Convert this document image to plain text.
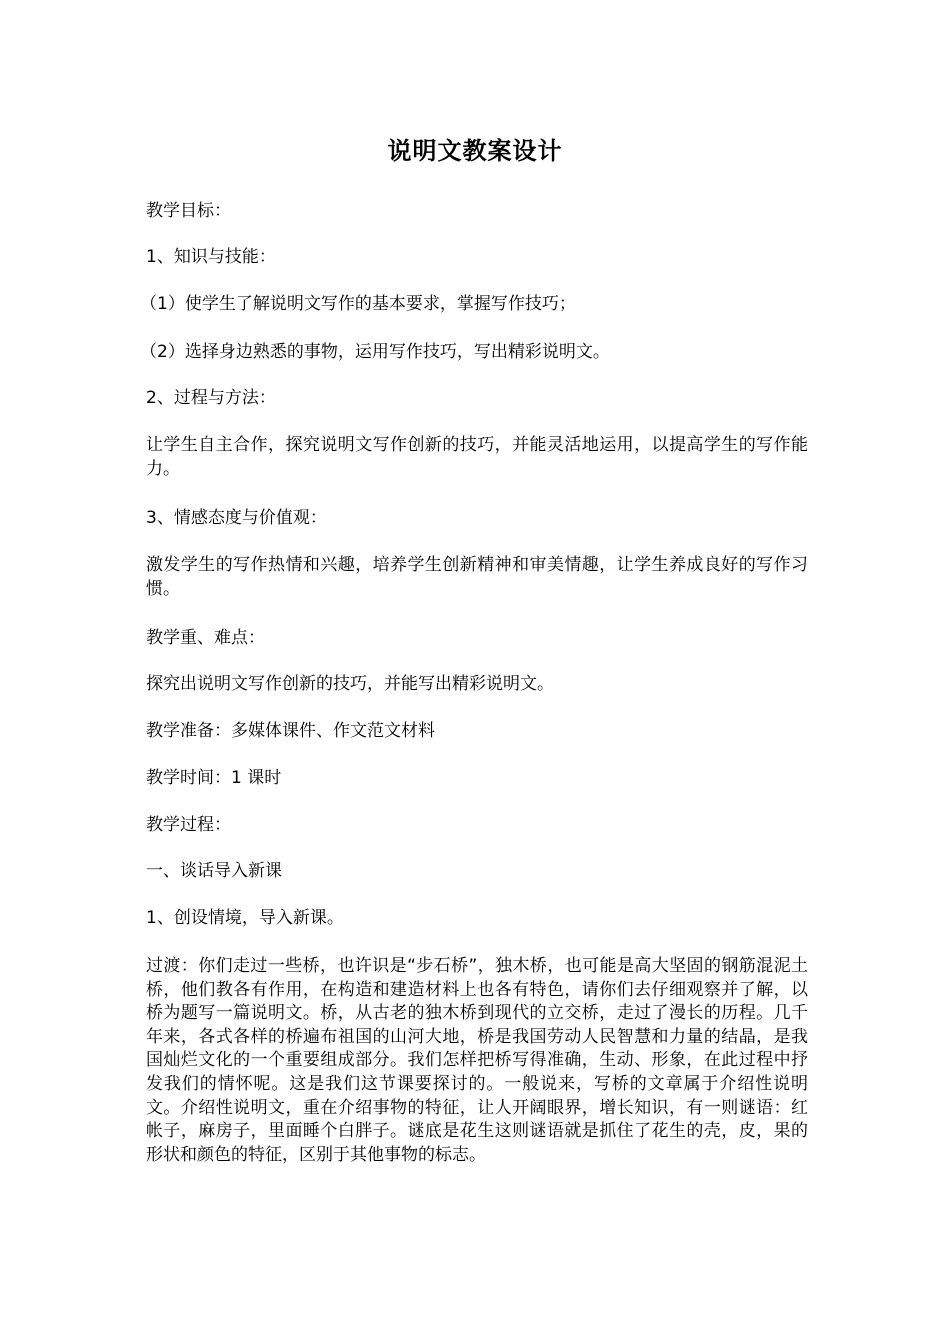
说明文教案设计

教学目标：

1、知识与技能：

（1）使学生了解说明文写作的基本要求，掌握写作技巧；

（2）选择身边熟悉的事物，运用写作技巧，写出精彩说明文。

2、过程与方法：

让学生自主合作，探究说明文写作创新的技巧，并能灵活地运用，以提高学生的写作能力。

3、情感态度与价值观：

激发学生的写作热情和兴趣，培养学生创新精神和审美情趣，让学生养成良好的写作习惯。

教学重、难点：

探究出说明文写作创新的技巧，并能写出精彩说明文。

教学准备：多媒体课件、作文范文材料

教学时间：1 课时

教学过程：

一、谈话导入新课

1、创设情境，导入新课。

过渡：你们走过一些桥，也许识是“步石桥”，独木桥，也可能是高大坚固的钢筋混泥土桥，他们教各有作用，在构造和建造材料上也各有特色，请你们去仔细观察并了解，以桥为题写一篇说明文。桥，从古老的独木桥到现代的立交桥，走过了漫长的历程。几千年来，各式各样的桥遍布祖国的山河大地，桥是我国劳动人民智慧和力量的结晶，是我国灿烂文化的一个重要组成部分。我们怎样把桥写得准确，生动、形象，在此过程中抒发我们的情怀呢。这是我们这节课要探讨的。一般说来，写桥的文章属于介绍性说明文。介绍性说明文，重在介绍事物的特征，让人开阔眼界，增长知识，有一则谜语：红帐子，麻房子，里面睡个白胖子。谜底是花生这则谜语就是抓住了花生的壳，皮，果的形状和颜色的特征，区别于其他事物的标志。
